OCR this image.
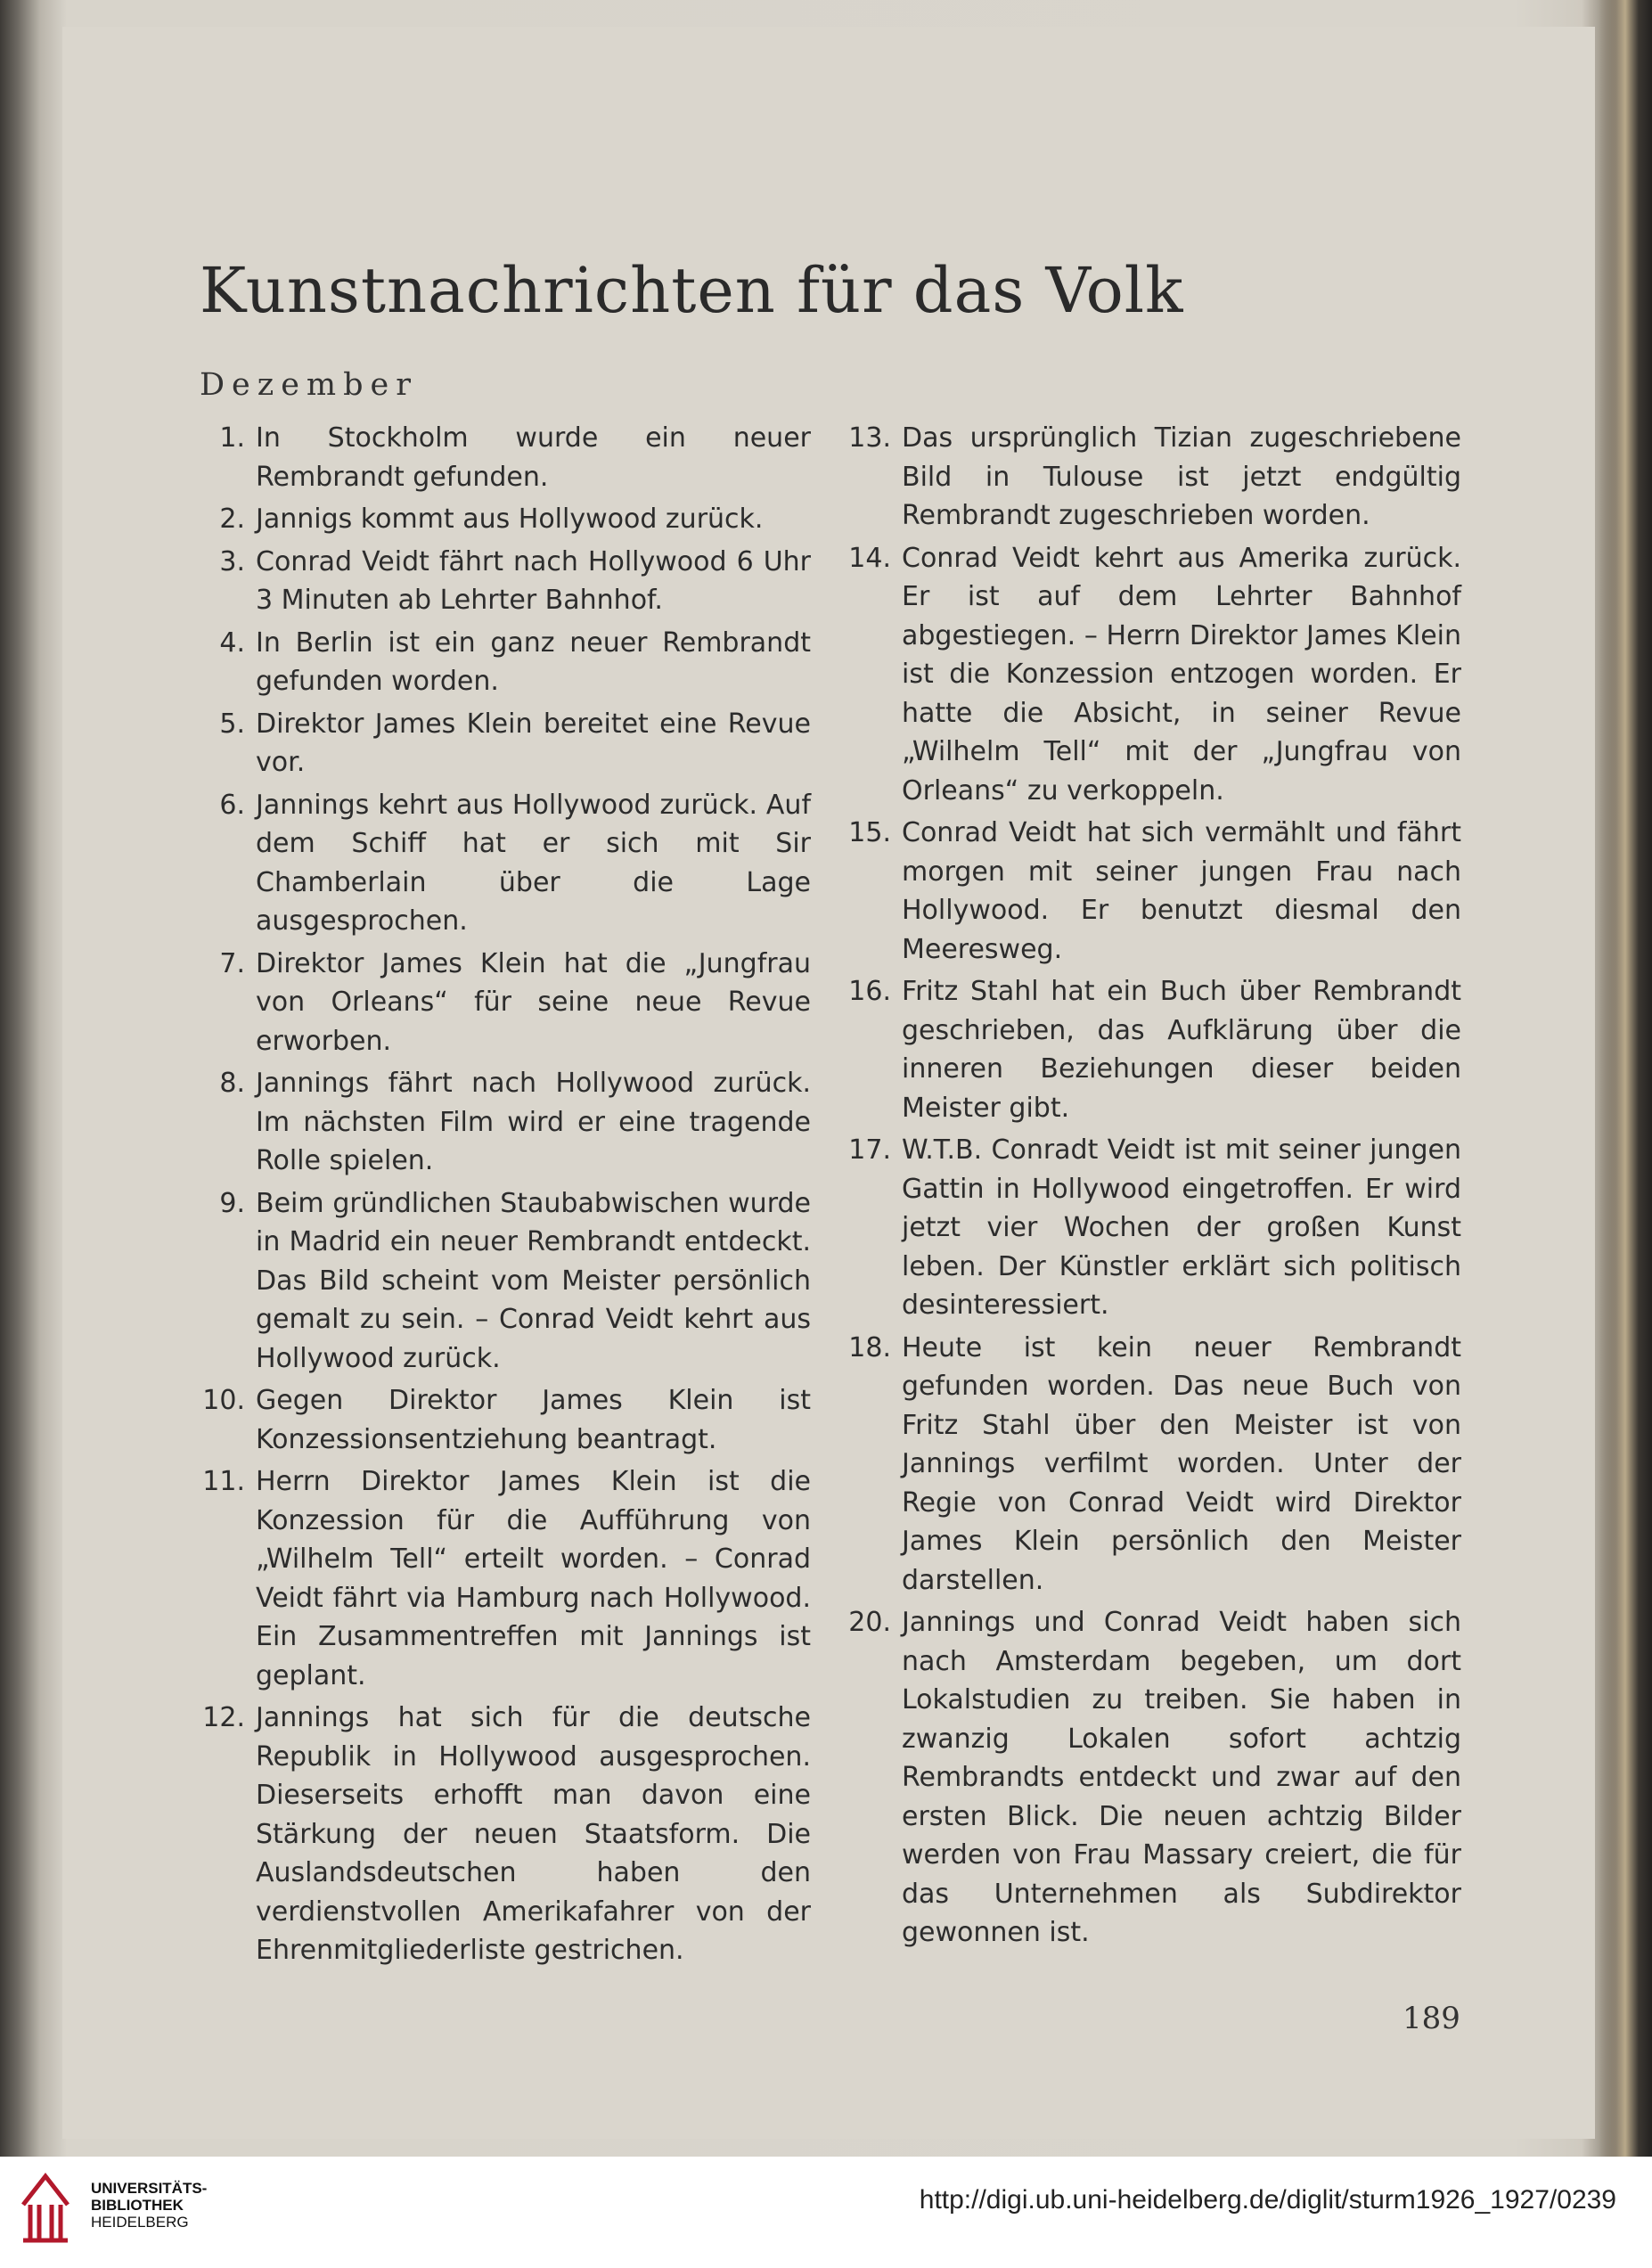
Kunstnachrichten für das Volk
Dezember
1. In Stockholm wurde ein neuer Rembrandt gefunden.
2. Jannigs kommt aus Hollywood zurück.
3. Conrad Veidt fährt nach Hollywood 6 Uhr 3 Minuten ab Lehrter Bahnhof.
4. In Berlin ist ein ganz neuer Rembrandt gefunden worden.
5. Direktor James Klein bereitet eine Revue vor.
6. Jannings kehrt aus Hollywood zurück. Auf dem Schiff hat er sich mit Sir Chamberlain über die Lage ausgesprochen.
7. Direktor James Klein hat die „Jungfrau von Orleans“ für seine neue Revue erworben.
8. Jannings fährt nach Hollywood zurück. Im nächsten Film wird er eine tragende Rolle spielen.
9. Beim gründlichen Staubabwischen wurde in Madrid ein neuer Rembrandt entdeckt. Das Bild scheint vom Meister persönlich gemalt zu sein. – Conrad Veidt kehrt aus Hollywood zurück.
10. Gegen Direktor James Klein ist Konzessionsentziehung beantragt.
11. Herrn Direktor James Klein ist die Konzession für die Aufführung von „Wilhelm Tell“ erteilt worden. – Conrad Veidt fährt via Hamburg nach Hollywood. Ein Zusammentreffen mit Jannings ist geplant.
12. Jannings hat sich für die deutsche Republik in Hollywood ausgesprochen. Dieserseits erhofft man davon eine Stärkung der neuen Staatsform. Die Auslandsdeutschen haben den verdienstvollen Amerikafahrer von der Ehrenmitgliederliste gestrichen.
13. Das ursprünglich Tizian zugeschriebene Bild in Tulouse ist jetzt endgültig Rembrandt zugeschrieben worden.
14. Conrad Veidt kehrt aus Amerika zurück. Er ist auf dem Lehrter Bahnhof abgestiegen. – Herrn Direktor James Klein ist die Konzession entzogen worden. Er hatte die Absicht, in seiner Revue „Wilhelm Tell“ mit der „Jungfrau von Orleans“ zu verkoppeln.
15. Conrad Veidt hat sich vermählt und fährt morgen mit seiner jungen Frau nach Hollywood. Er benutzt diesmal den Meeresweg.
16. Fritz Stahl hat ein Buch über Rembrandt geschrieben, das Aufklärung über die inneren Beziehungen dieser beiden Meister gibt.
17. W.T.B. Conradt Veidt ist mit seiner jungen Gattin in Hollywood eingetroffen. Er wird jetzt vier Wochen der großen Kunst leben. Der Künstler erklärt sich politisch desinteressiert.
18. Heute ist kein neuer Rembrandt gefunden worden. Das neue Buch von Fritz Stahl über den Meister ist von Jannings verfilmt worden. Unter der Regie von Conrad Veidt wird Direktor James Klein persönlich den Meister darstellen.
20. Jannings und Conrad Veidt haben sich nach Amsterdam begeben, um dort Lokalstudien zu treiben. Sie haben in zwanzig Lokalen sofort achtzig Rembrandts entdeckt und zwar auf den ersten Blick. Die neuen achtzig Bilder werden von Frau Massary creiert, die für das Unternehmen als Subdirektor gewonnen ist.
189
UNIVERSITÄTS-
BIBLIOTHEK
HEIDELBERG
http://digi.ub.uni-heidelberg.de/diglit/sturm1926_1927/0239
